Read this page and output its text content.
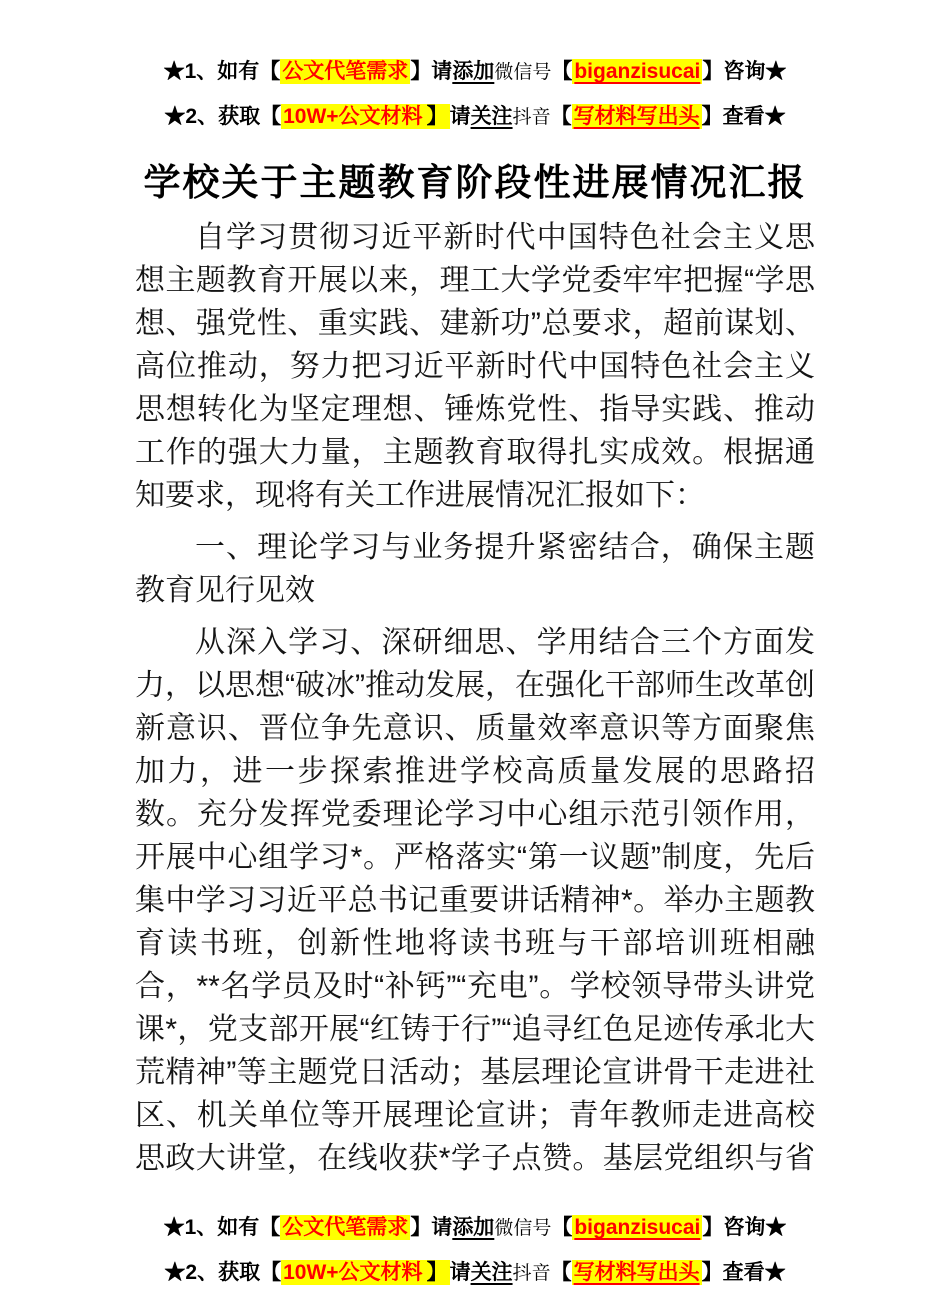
★1、如有【公文代笔需求】请添加微信号【biganzisucai】咨询★
★2、获取【10W+公文材料 】请关注抖音【写材料写出头】查看★
学校关于主题教育阶段性进展情况汇报

自学习贯彻习近平新时代中国特色社会主义思想主题教育开展以来，理工大学党委牢牢把握“学思想、强党性、重实践、建新功”总要求，超前谋划、高位推动，努力把习近平新时代中国特色社会主义思想转化为坚定理想、锤炼党性、指导实践、推动工作的强大力量，主题教育取得扎实成效。根据通知要求，现将有关工作进展情况汇报如下：

一、理论学习与业务提升紧密结合，确保主题教育见行见效

从深入学习、深研细思、学用结合三个方面发力，以思想“破冰”推动发展，在强化干部师生改革创新意识、晋位争先意识、质量效率意识等方面聚焦加力，进一步探索推进学校高质量发展的思路招数。充分发挥党委理论学习中心组示范引领作用，开展中心组学习*。严格落实“第一议题”制度，先后集中学习习近平总书记重要讲话精神*。举办主题教育读书班，创新性地将读书班与干部培训班相融合，**名学员及时“补钙”“充电”。学校领导带头讲党课*，党支部开展“红铸于行”“追寻红色足迹传承北大荒精神”等主题党日活动；基层理论宣讲骨干走进社区、机关单位等开展理论宣讲；青年教师走进高校思政大讲堂，在线收获*学子点赞。基层党组织与省

★1、如有【公文代笔需求】请添加微信号【biganzisucai】咨询★
★2、获取【10W+公文材料 】请关注抖音【写材料写出头】查看★
